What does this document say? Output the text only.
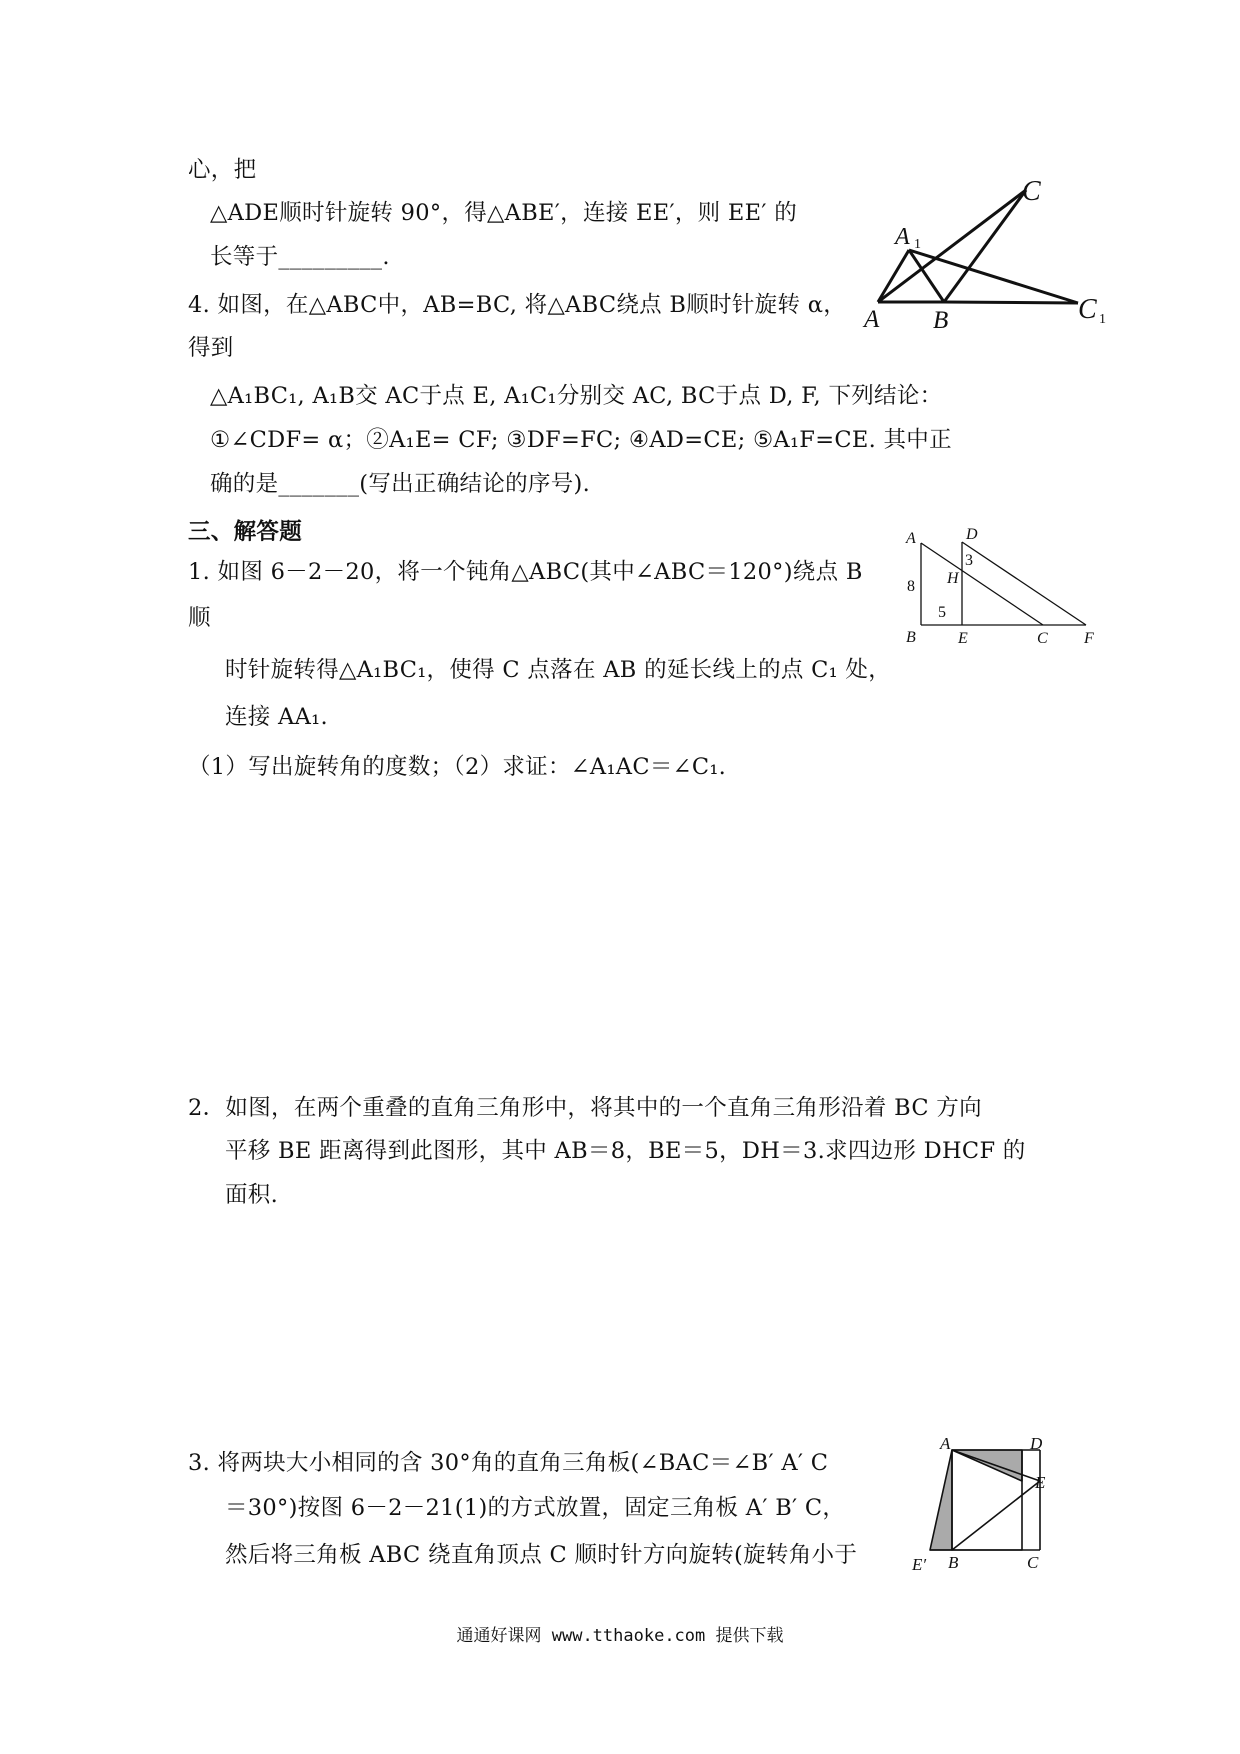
心，把
△ADE顺时针旋转 90°，得△ABE′，连接 EE′，则 EE′ 的
长等于_________.
4. 如图，在△ABC中，AB=BC, 将△ABC绕点 B顺时针旋转 α，
得到
△A₁BC₁, A₁B交 AC于点 E, A₁C₁分别交 AC, BC于点 D, F, 下列结论：
①∠CDF= α；②A₁E= CF; ③DF=FC; ④AD=CE; ⑤A₁F=CE. 其中正
确的是_______(写出正确结论的序号).
三、解答题
1. 如图 6－2－20，将一个钝角△ABC(其中∠ABC＝120°)绕点 B
顺
时针旋转得△A₁BC₁，使得 C 点落在 AB 的延长线上的点 C₁ 处，
连接 AA₁.
（1）写出旋转角的度数；（2）求证：∠A₁AC＝∠C₁.
2．如图，在两个重叠的直角三角形中，将其中的一个直角三角形沿着 BC 方向
平移 BE 距离得到此图形，其中 AB＝8，BE＝5，DH＝3.求四边形 DHCF 的
面积.
3. 将两块大小相同的含 30°角的直角三角板(∠BAC＝∠B′ A′ C
＝30°)按图 6－2－21(1)的方式放置，固定三角板 A′ B′ C，
然后将三角板 ABC 绕直角顶点 C 顺时针方向旋转(旋转角小于
C
A 1
A B	C 1
A	D
3
H
8
5
B	E	C F
A	D
E
E′ B	C
通通好课网 www.tthaoke.com 提供下载
